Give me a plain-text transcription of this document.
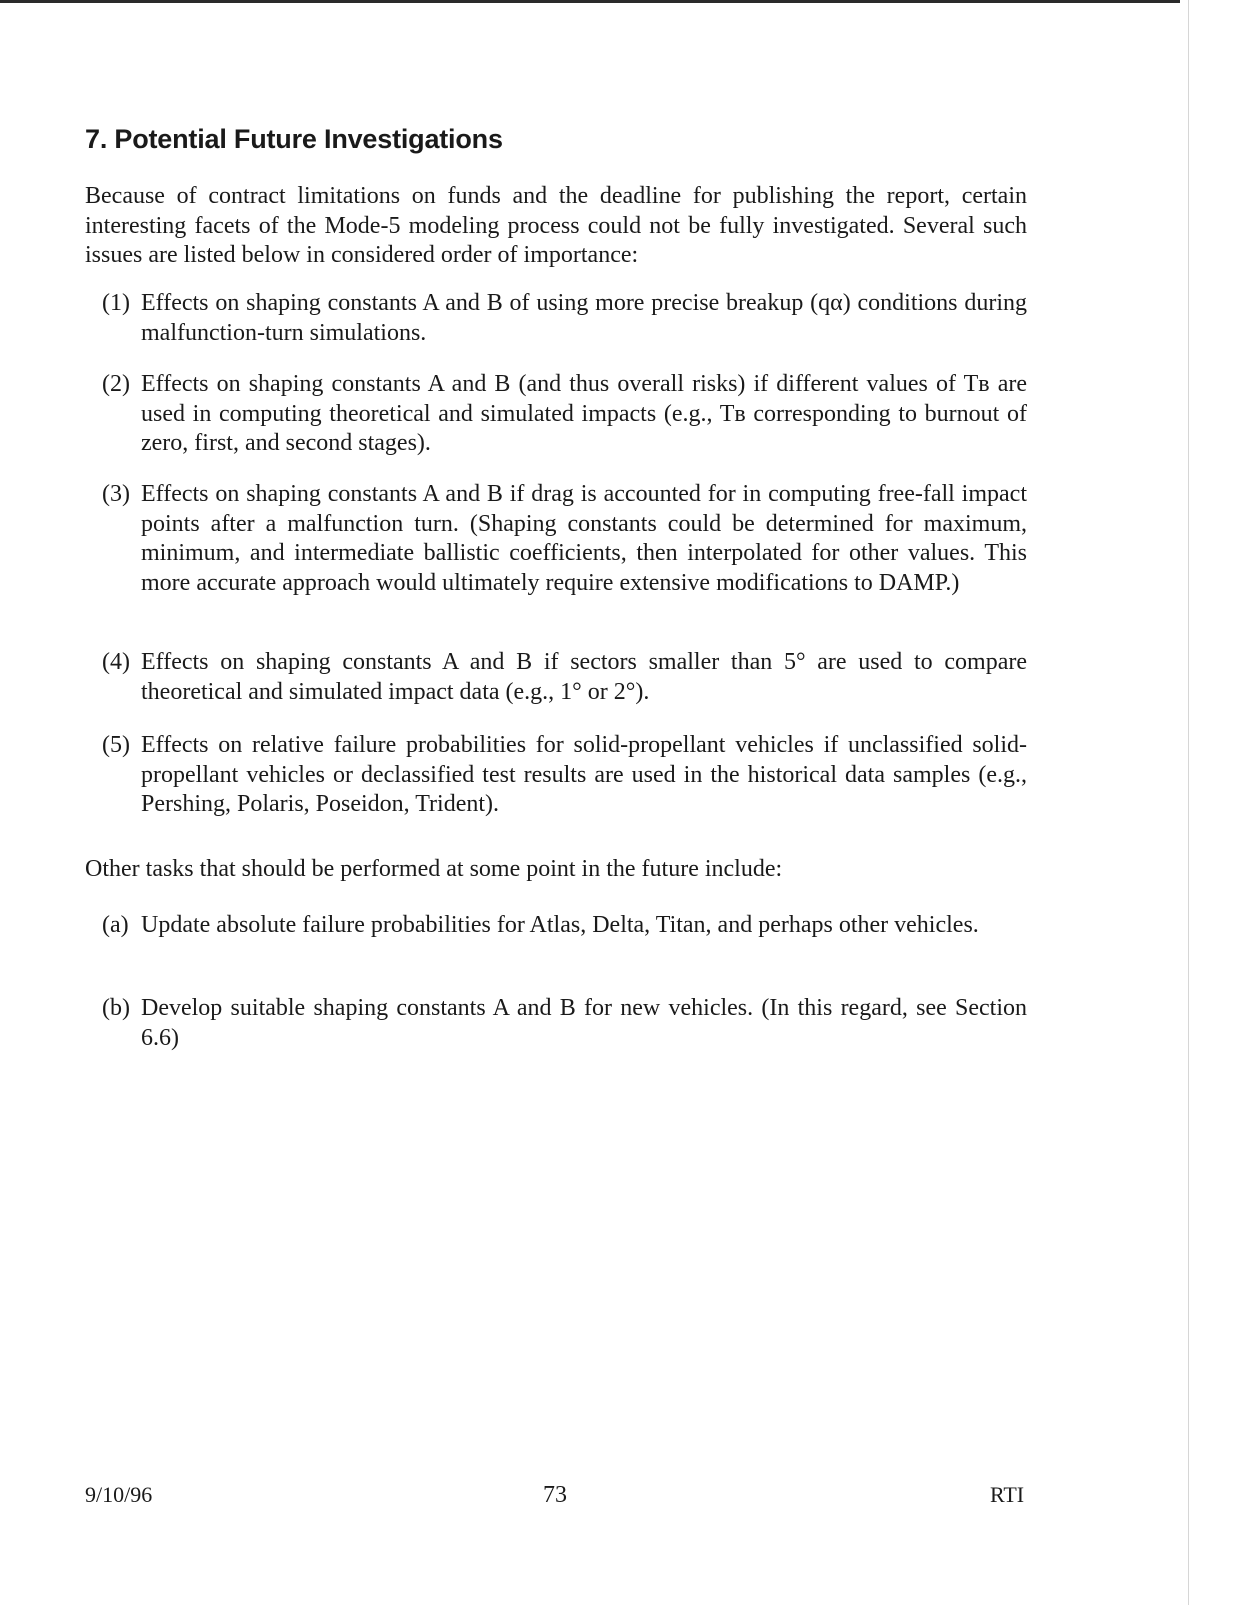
7. Potential Future Investigations

Because of contract limitations on funds and the deadline for publishing the report, certain interesting facets of the Mode-5 modeling process could not be fully investigated. Several such issues are listed below in considered order of importance:

(1) Effects on shaping constants A and B of using more precise breakup (qα) conditions during malfunction-turn simulations.

(2) Effects on shaping constants A and B (and thus overall risks) if different values of Tʙ are used in computing theoretical and simulated impacts (e.g., Tʙ corresponding to burnout of zero, first, and second stages).

(3) Effects on shaping constants A and B if drag is accounted for in computing free-fall impact points after a malfunction turn. (Shaping constants could be determined for maximum, minimum, and intermediate ballistic coefficients, then interpolated for other values. This more accurate approach would ultimately require extensive modifications to DAMP.)

(4) Effects on shaping constants A and B if sectors smaller than 5° are used to compare theoretical and simulated impact data (e.g., 1° or 2°).

(5) Effects on relative failure probabilities for solid-propellant vehicles if unclassified solid-propellant vehicles or declassified test results are used in the historical data samples (e.g., Pershing, Polaris, Poseidon, Trident).

Other tasks that should be performed at some point in the future include:

(a) Update absolute failure probabilities for Atlas, Delta, Titan, and perhaps other vehicles.

(b) Develop suitable shaping constants A and B for new vehicles. (In this regard, see Section 6.6)

9/10/96	73	RTI
